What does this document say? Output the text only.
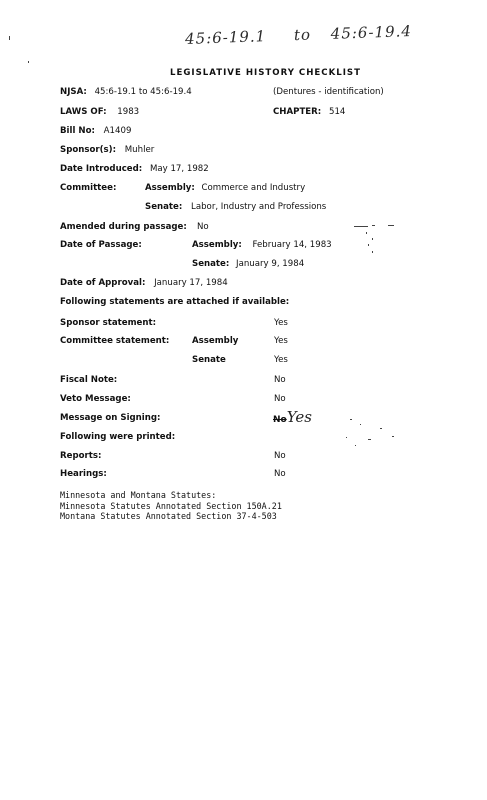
45:6-19.1 to 45:6-19.4
LEGISLATIVE HISTORY CHECKLIST
NJSA: 45:6-19.1 to 45:6-19.4	(Dentures - identification)
LAWS OF: 1983	CHAPTER: 514
Bill No: A1409
Sponsor(s): Muhler
Date Introduced: May 17, 1982
Committee:	Assembly: Commerce and Industry
Senate: Labor, Industry and Professions
Amended during passage: No
Date of Passage:	Assembly: February 14, 1983
Senate: January 9, 1984
Date of Approval: January 17, 1984
Following statements are attached if available:
Sponsor statement:	Yes
Committee statement:	Assembly	Yes
Senate	Yes
Fiscal Note:	No
Veto Message:	No
Message on Signing:	NoYes
Following were printed:
Reports:	No
Hearings:	No
Minnesota and Montana Statutes:
Minnesota Statutes Annotated Section 150A.21
Montana Statutes Annotated Section 37-4-503
